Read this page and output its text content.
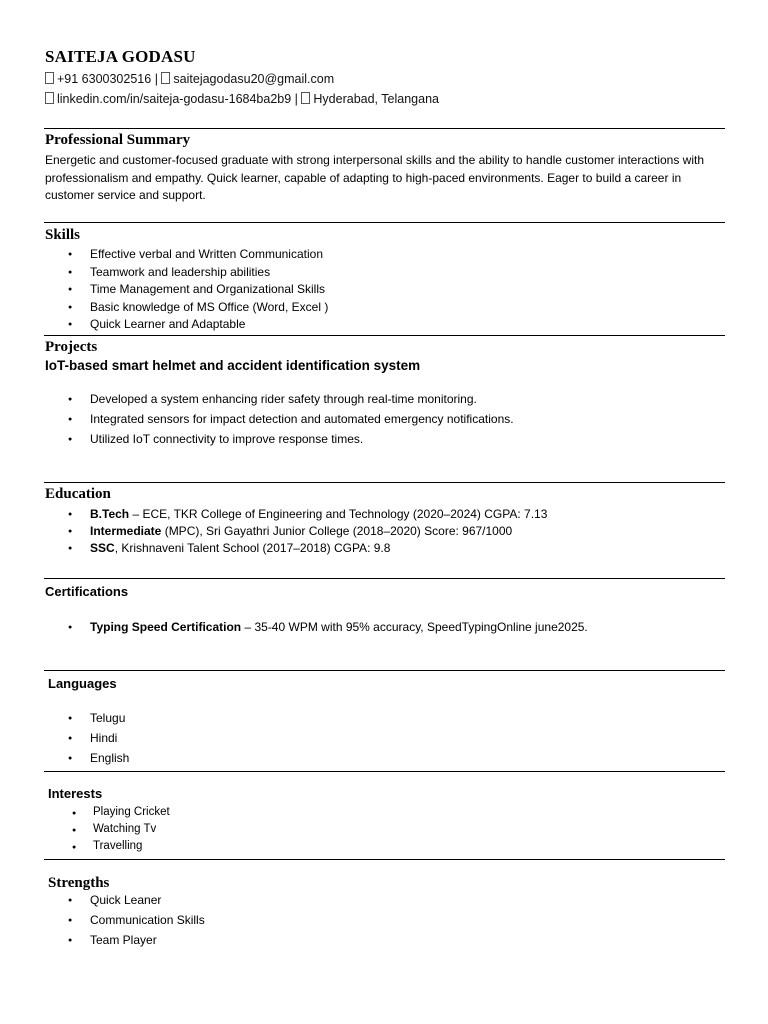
SAITEJA GODASU
+91 6300302516 | saitejagodasu20@gmail.com
linkedin.com/in/saiteja-godasu-1684ba2b9 | Hyderabad, Telangana
Professional Summary
Energetic and customer-focused graduate with strong interpersonal skills and the ability to handle customer interactions with professionalism and empathy. Quick learner, capable of adapting to high-paced environments. Eager to build a career in customer service and support.
Skills
● Effective verbal and Written Communication
● Teamwork and leadership abilities
● Time Management and Organizational Skills
● Basic knowledge of MS Office (Word, Excel )
● Quick Learner and Adaptable
Projects
IoT-based smart helmet and accident identification system
● Developed a system enhancing rider safety through real-time monitoring.
● Integrated sensors for impact detection and automated emergency notifications.
● Utilized IoT connectivity to improve response times.
Education
● B.Tech – ECE, TKR College of Engineering and Technology (2020–2024) CGPA: 7.13
● Intermediate (MPC), Sri Gayathri Junior College (2018–2020) Score: 967/1000
● SSC, Krishnaveni Talent School (2017–2018) CGPA: 9.8
Certifications
● Typing Speed Certification – 35-40 WPM with 95% accuracy, SpeedTypingOnline june2025.
Languages
● Telugu
● Hindi
● English
Interests
● Playing Cricket
● Watching Tv
● Travelling
Strengths
● Quick Leaner
● Communication Skills
● Team Player
